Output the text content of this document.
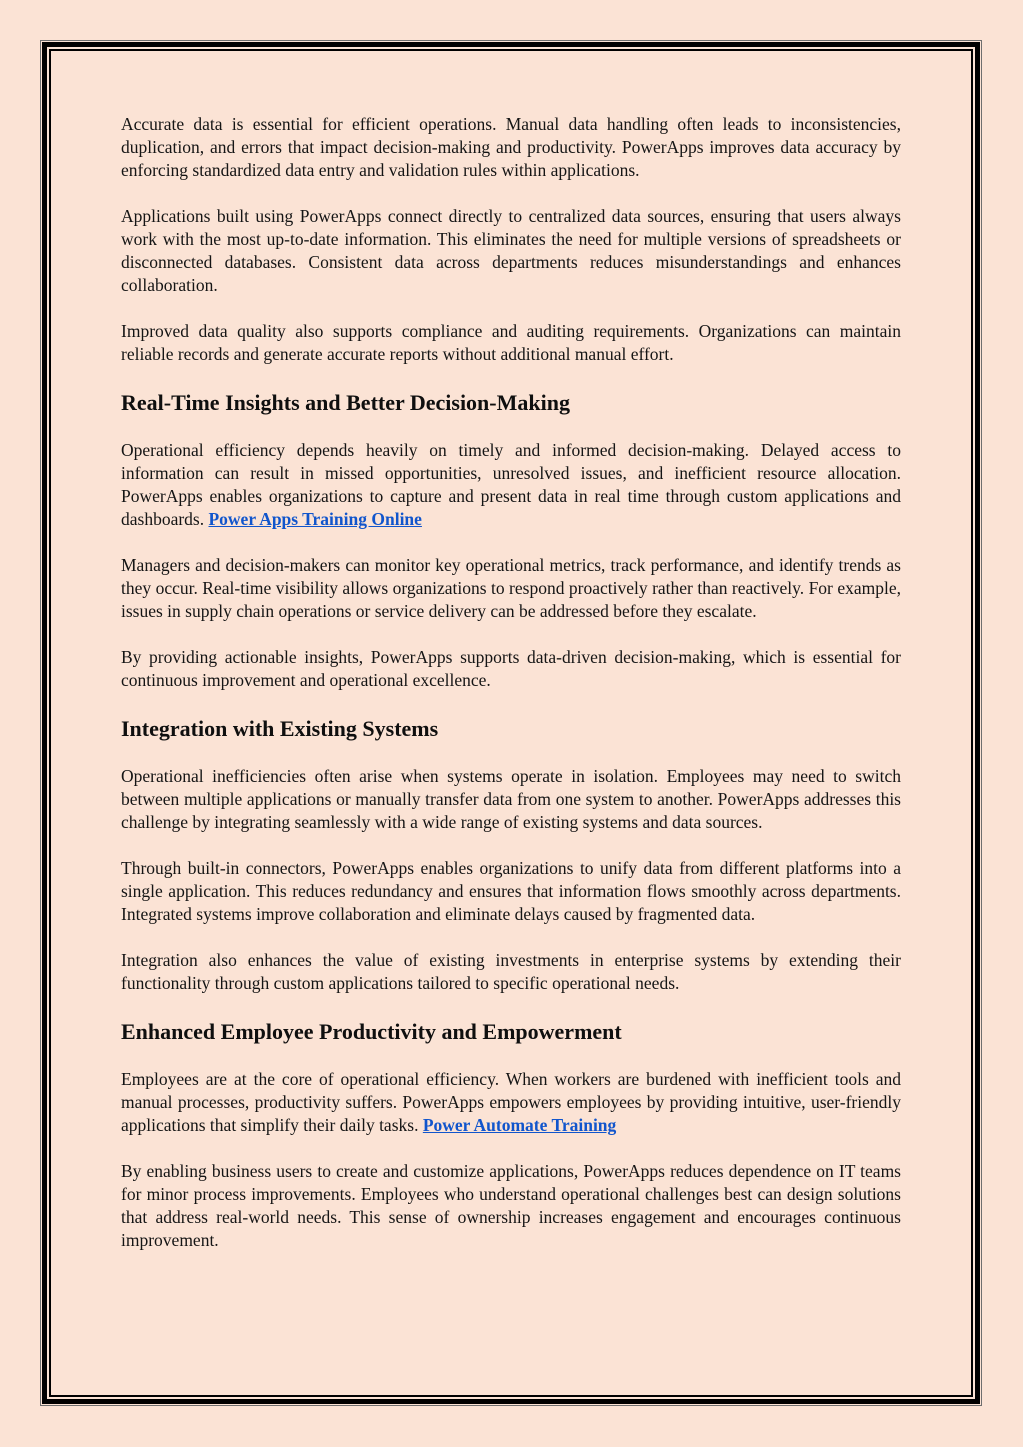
Accurate data is essential for efficient operations. Manual data handling often leads to inconsistencies, duplication, and errors that impact decision-making and productivity. PowerApps improves data accuracy by enforcing standardized data entry and validation rules within applications.

Applications built using PowerApps connect directly to centralized data sources, ensuring that users always work with the most up-to-date information. This eliminates the need for multiple versions of spreadsheets or disconnected databases. Consistent data across departments reduces misunderstandings and enhances collaboration.

Improved data quality also supports compliance and auditing requirements. Organizations can maintain reliable records and generate accurate reports without additional manual effort.

Real-Time Insights and Better Decision-Making

Operational efficiency depends heavily on timely and informed decision-making. Delayed access to information can result in missed opportunities, unresolved issues, and inefficient resource allocation. PowerApps enables organizations to capture and present data in real time through custom applications and dashboards. Power Apps Training Online

Managers and decision-makers can monitor key operational metrics, track performance, and identify trends as they occur. Real-time visibility allows organizations to respond proactively rather than reactively. For example, issues in supply chain operations or service delivery can be addressed before they escalate.

By providing actionable insights, PowerApps supports data-driven decision-making, which is essential for continuous improvement and operational excellence.

Integration with Existing Systems

Operational inefficiencies often arise when systems operate in isolation. Employees may need to switch between multiple applications or manually transfer data from one system to another. PowerApps addresses this challenge by integrating seamlessly with a wide range of existing systems and data sources.

Through built-in connectors, PowerApps enables organizations to unify data from different platforms into a single application. This reduces redundancy and ensures that information flows smoothly across departments. Integrated systems improve collaboration and eliminate delays caused by fragmented data.

Integration also enhances the value of existing investments in enterprise systems by extending their functionality through custom applications tailored to specific operational needs.

Enhanced Employee Productivity and Empowerment

Employees are at the core of operational efficiency. When workers are burdened with inefficient tools and manual processes, productivity suffers. PowerApps empowers employees by providing intuitive, user-friendly applications that simplify their daily tasks. Power Automate Training

By enabling business users to create and customize applications, PowerApps reduces dependence on IT teams for minor process improvements. Employees who understand operational challenges best can design solutions that address real-world needs. This sense of ownership increases engagement and encourages continuous improvement.
